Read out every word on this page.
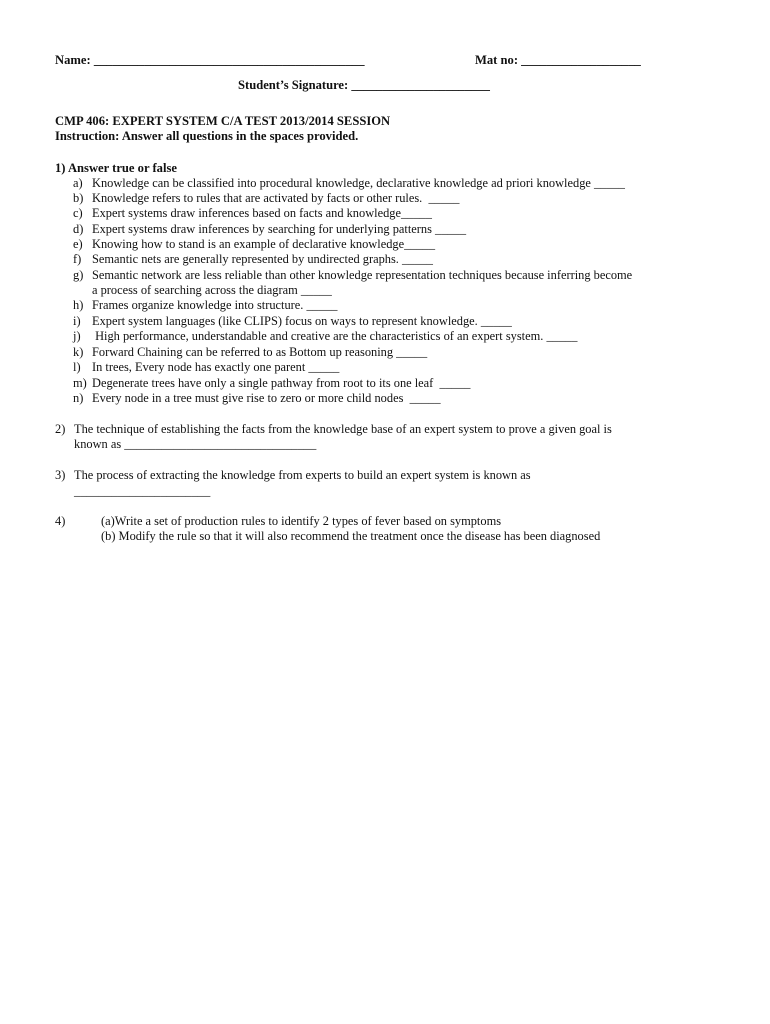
Name: ___________________________________________	Mat no: ___________________
Student’s Signature: ______________________
CMP 406: EXPERT SYSTEM C/A TEST 2013/2014 SESSION
Instruction: Answer all questions in the spaces provided.
1) Answer true or false
a) Knowledge can be classified into procedural knowledge, declarative knowledge ad priori knowledge _____
b) Knowledge refers to rules that are activated by facts or other rules.  _____
c) Expert systems draw inferences based on facts and knowledge_____
d) Expert systems draw inferences by searching for underlying patterns _____
e) Knowing how to stand is an example of declarative knowledge_____
f) Semantic nets are generally represented by undirected graphs. _____
g) Semantic network are less reliable than other knowledge representation techniques because inferring become
a process of searching across the diagram _____
h) Frames organize knowledge into structure. _____
i) Expert system languages (like CLIPS) focus on ways to represent knowledge. _____
j) High performance, understandable and creative are the characteristics of an expert system. _____
k) Forward Chaining can be referred to as Bottom up reasoning _____
l) In trees, Every node has exactly one parent _____
m) Degenerate trees have only a single pathway from root to its one leaf  _____
n) Every node in a tree must give rise to zero or more child nodes  _____
2) The technique of establishing the facts from the knowledge base of an expert system to prove a given goal is
known as _______________________________
3) The process of extracting the knowledge from experts to build an expert system is known as
______________________
4)	(a)Write a set of production rules to identify 2 types of fever based on symptoms
(b) Modify the rule so that it will also recommend the treatment once the disease has been diagnosed
